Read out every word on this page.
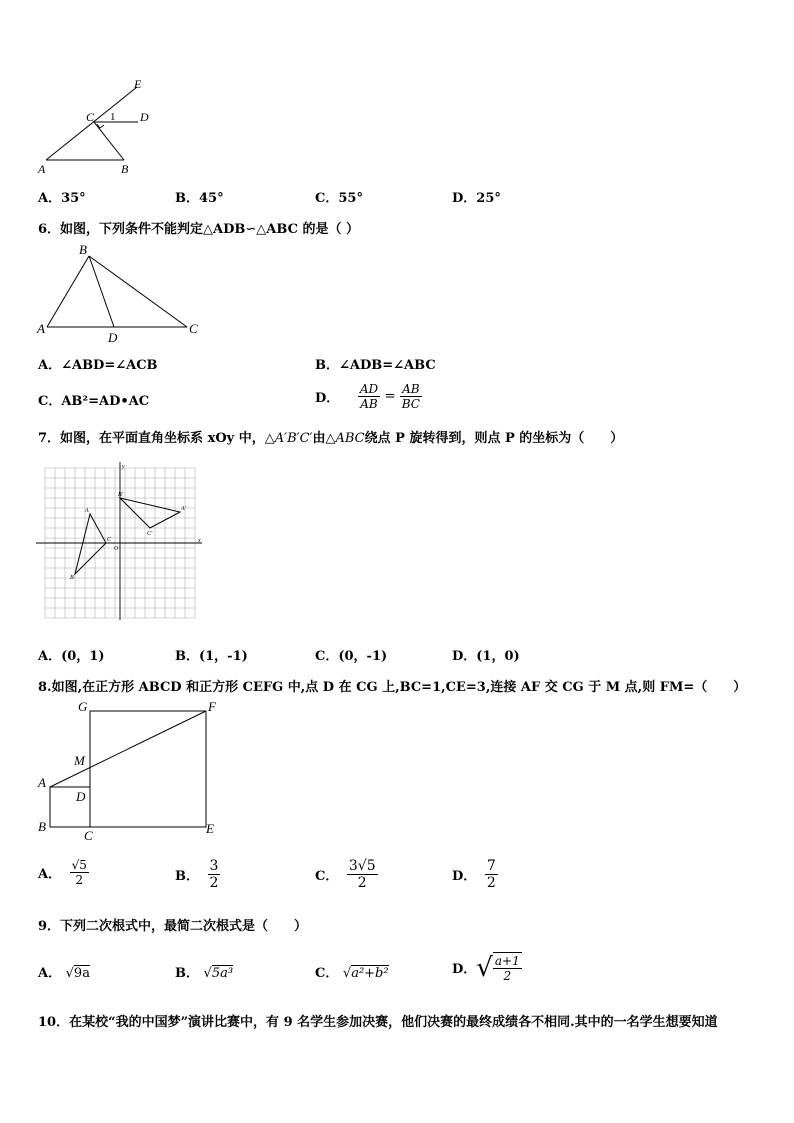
E
C 1 D
A	B
A．35°	B．45°	C．55°	D．25°
6．如图，下列条件不能判定△ADB∽△ABC 的是（ ）
B
A
D
C
A．∠ABD=∠ACB	B．∠ADB=∠ABC
C．AB²=AD•AC	D． $\frac{AD}{AB} = \frac{AB}{BC}$
7．如图，在平面直角坐标系 xOy 中，△A′B′C′由△ABC绕点 P 旋转得到，则点 P 的坐标为（　　）
y
x
O
A
B
C
A'
B'
C'
A．(0，1)	B．(1，-1)	C．(0，-1)	D．(1，0)
8.如图,在正方形 ABCD 和正方形 CEFG 中,点 D 在 CG 上,BC=1,CE=3,连接 AF 交 CG 于 M 点,则 FM=（　　）
G	F
M
A
D
B
C	E
A． $\frac{√5}{2}$	B． $\frac{3}{2}$	C． $\frac{3√5}{2}$	D． $\frac{7}{2}$
9．下列二次根式中，最简二次根式是（　　）
A． √9a	B． √5a³	C． √a²+b²	D． √ $\frac{a+1}{2}$
10．在某校“我的中国梦”演讲比赛中，有 9 名学生参加决赛，他们决赛的最终成绩各不相同.其中的一名学生想要知道
